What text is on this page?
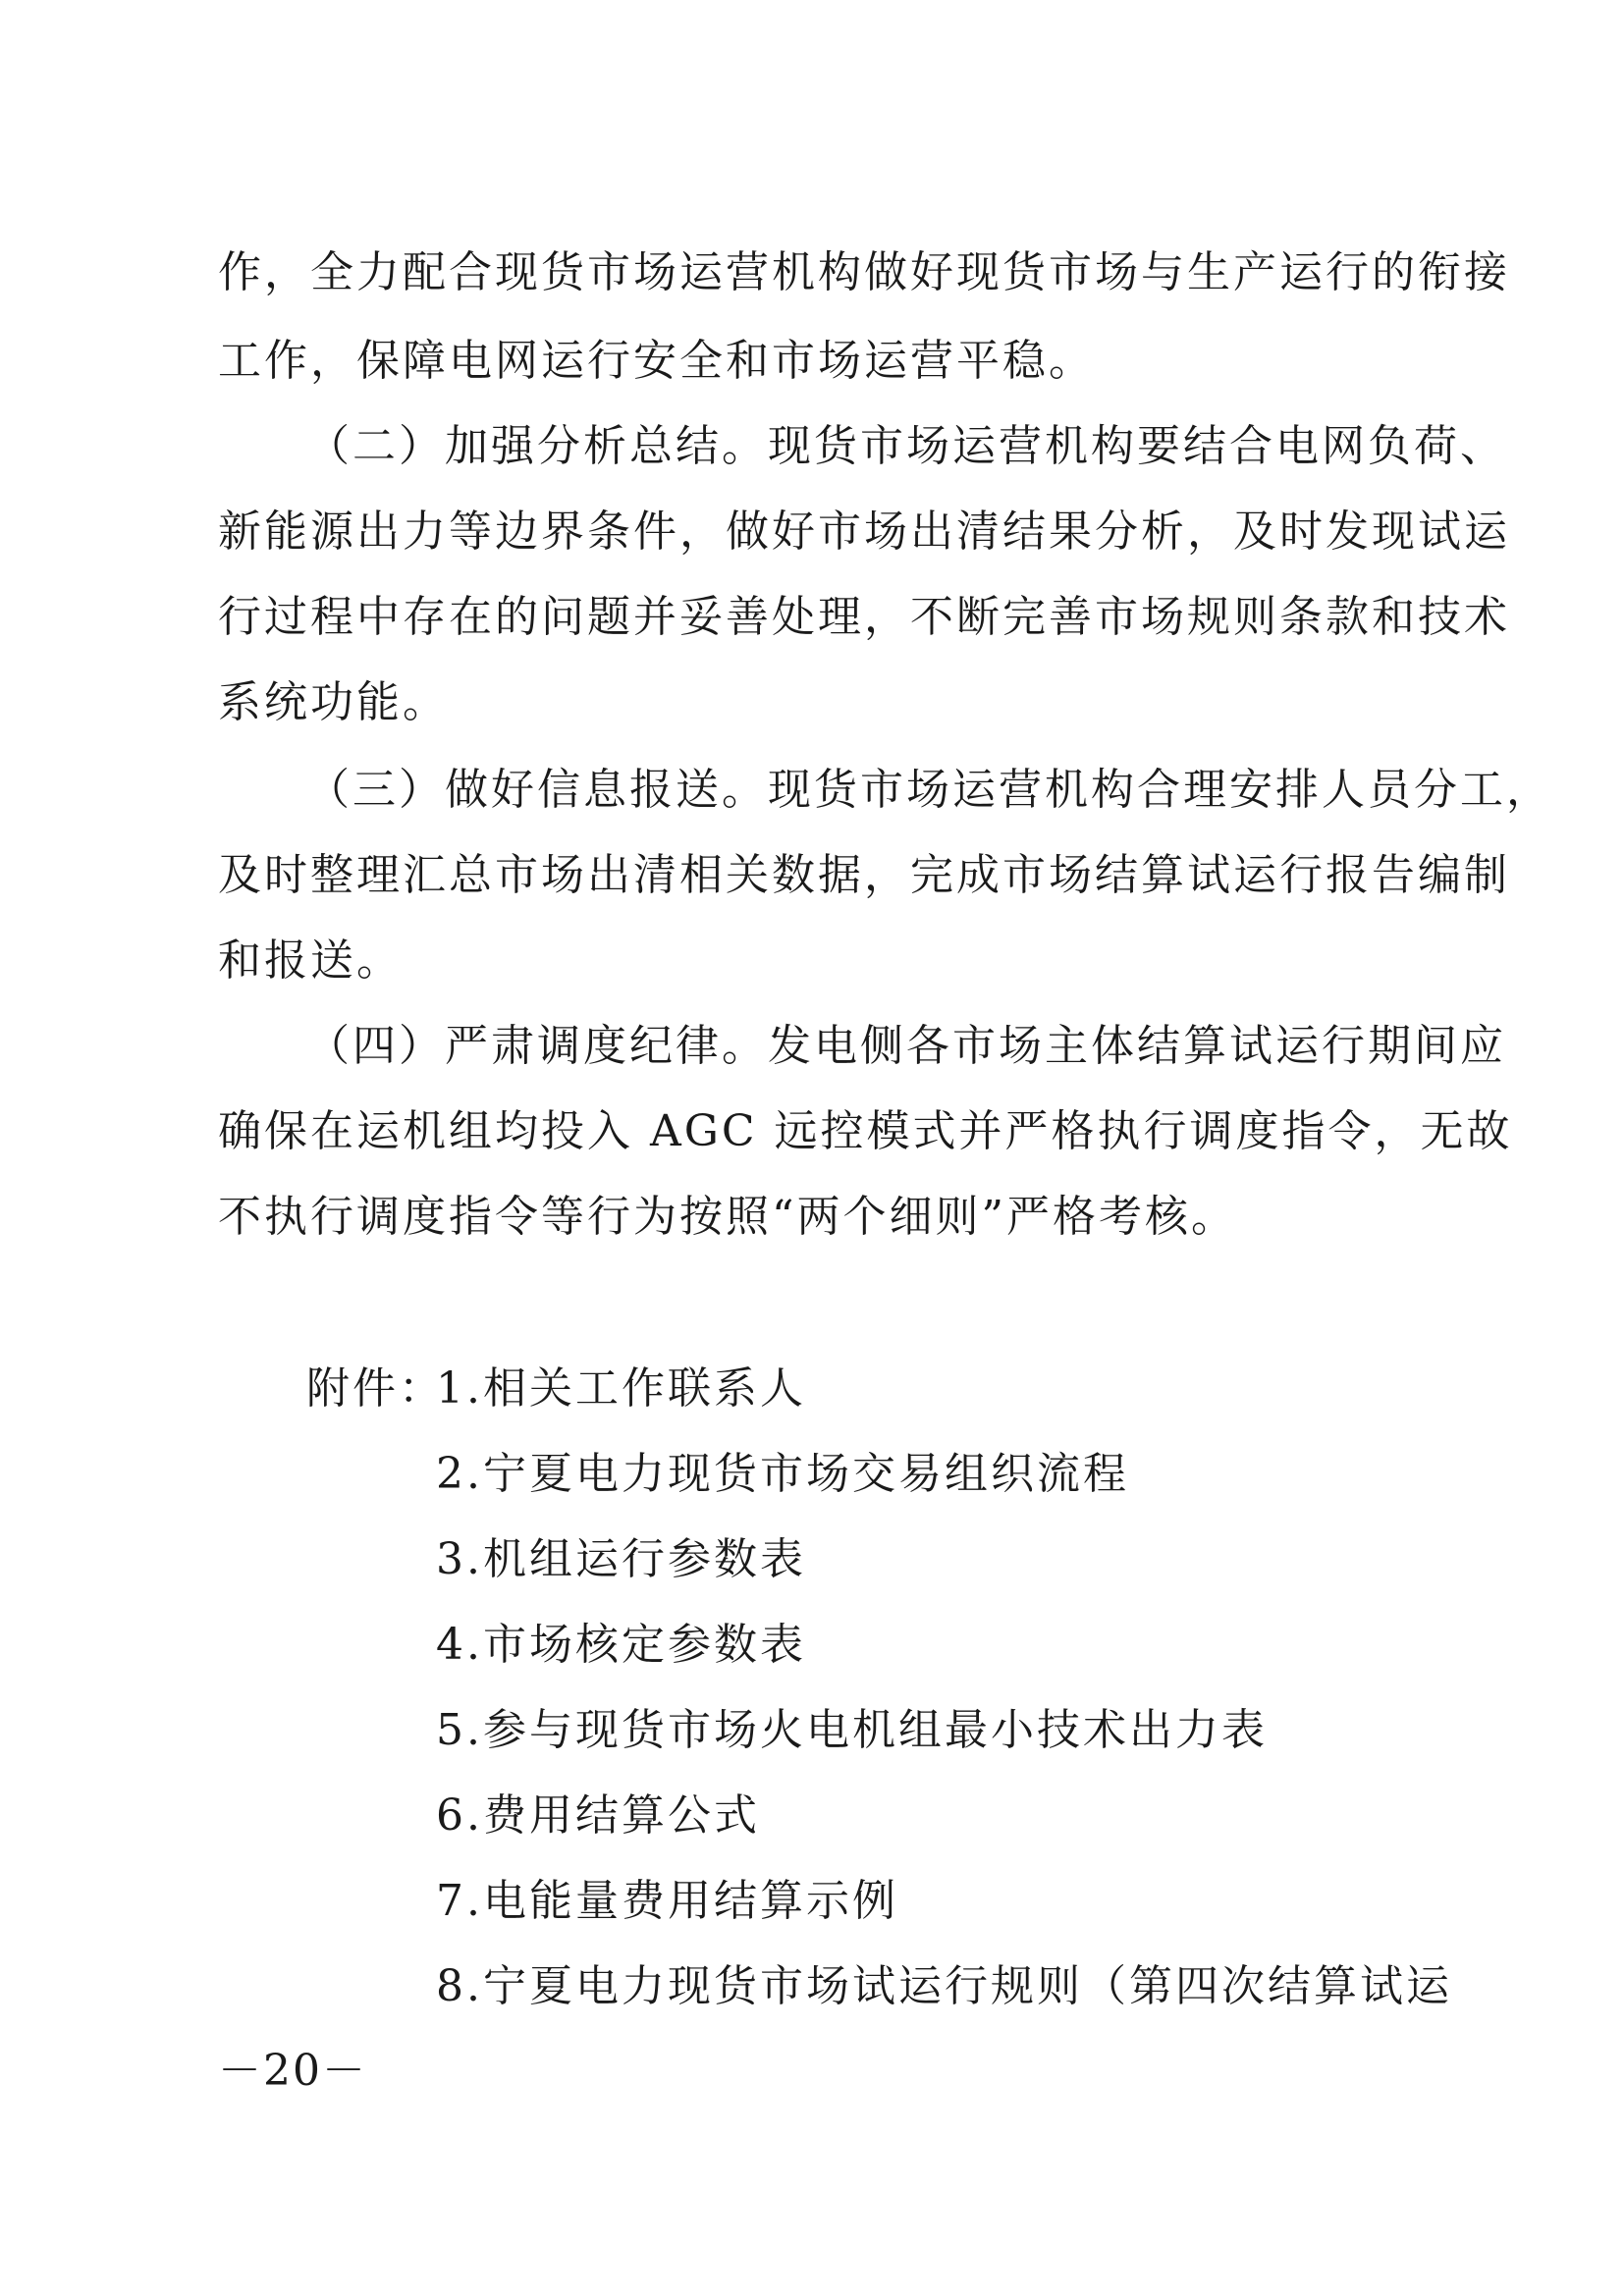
作，全力配合现货市场运营机构做好现货市场与生产运行的衔接
工作，保障电网运行安全和市场运营平稳。
（二）加强分析总结。现货市场运营机构要结合电网负荷、
新能源出力等边界条件，做好市场出清结果分析，及时发现试运
行过程中存在的问题并妥善处理，不断完善市场规则条款和技术
系统功能。
（三）做好信息报送。现货市场运营机构合理安排人员分工，
及时整理汇总市场出清相关数据，完成市场结算试运行报告编制
和报送。
（四）严肃调度纪律。发电侧各市场主体结算试运行期间应
确保在运机组均投入 AGC 远控模式并严格执行调度指令，无故
不执行调度指令等行为按照“两个细则”严格考核。
附件：
1.相关工作联系人
2.宁夏电力现货市场交易组织流程
3.机组运行参数表
4.市场核定参数表
5.参与现货市场火电机组最小技术出力表
6.费用结算公式
7.电能量费用结算示例
8.宁夏电力现货市场试运行规则（第四次结算试运
－20－
